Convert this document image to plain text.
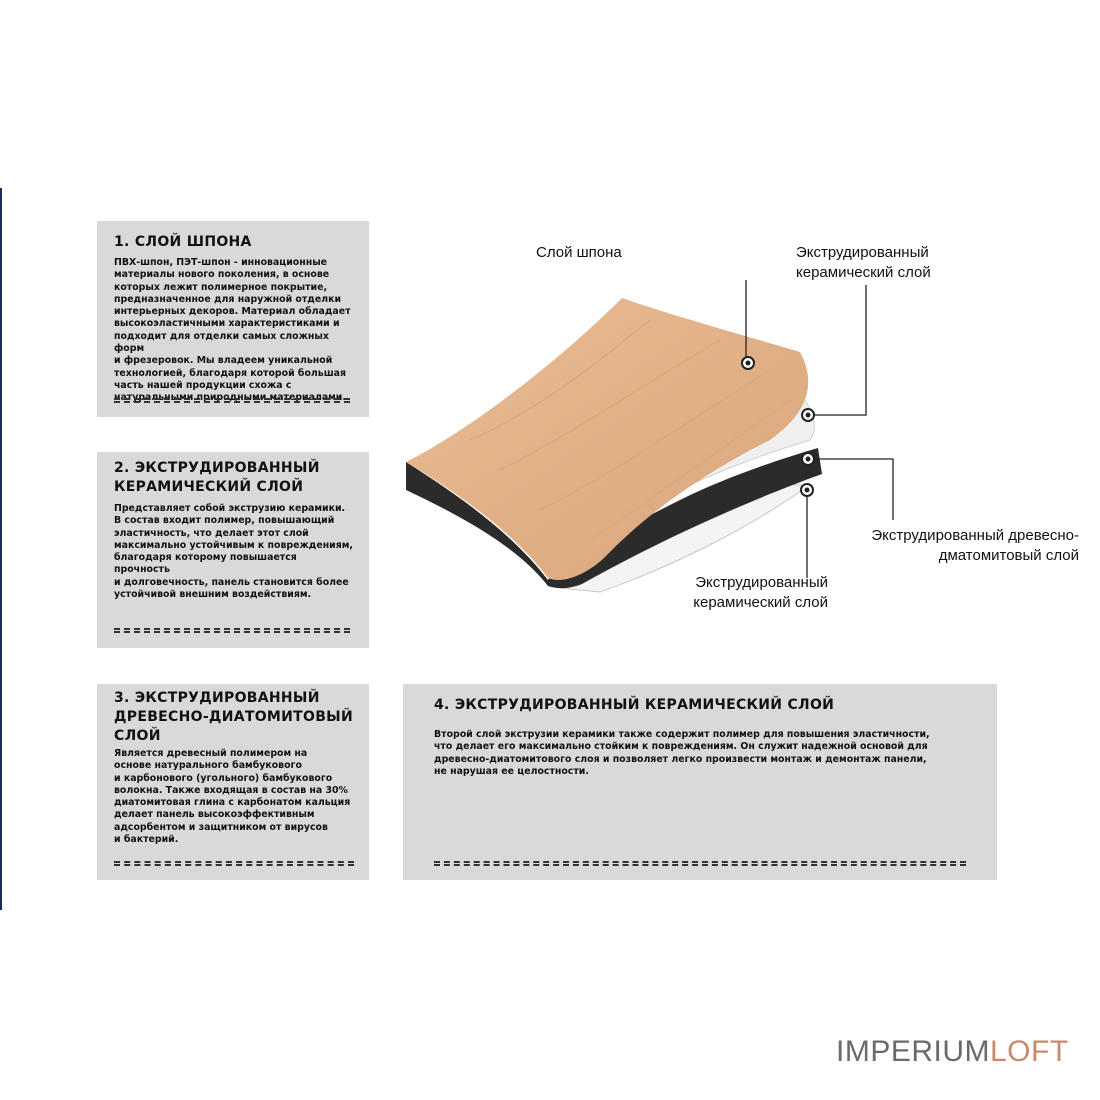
1. СЛОЙ ШПОНА

ПВХ-шпон, ПЭТ-шпон - инновационные
материалы нового поколения, в основе
которых лежит полимерное покрытие,
предназначенное для наружной отделки
интерьерных декоров. Материал обладает
высокоэластичными характеристиками и
подходит для отделки самых сложных форм
и фрезеровок. Мы владеем уникальной
технологией, благодаря которой большая
часть нашей продукции схожа с
натуральными природными материалами.

2. ЭКСТРУДИРОВАННЫЙ
КЕРАМИЧЕСКИЙ СЛОЙ

Представляет собой экструзию керамики.
В состав входит полимер, повышающий
эластичность, что делает этот слой
максимально устойчивым к повреждениям,
благодаря которому повышается прочность
и долговечность, панель становится более
устойчивой внешним воздействиям.

3. ЭКСТРУДИРОВАННЫЙ
ДРЕВЕСНО-ДИАТОМИТОВЫЙ
СЛОЙ

Является древесный полимером на
основе натурального бамбукового
и карбонового (угольного) бамбукового
волокна. Также входящая в состав на 30%
диатомитовая глина с карбонатом кальция
делает панель высокоэффективным
адсорбентом и защитником от вирусов
и бактерий.

4. ЭКСТРУДИРОВАННЫЙ КЕРАМИЧЕСКИЙ СЛОЙ

Второй слой экструзии керамики также содержит полимер для повышения эластичности,
что делает его максимально стойким к повреждениям. Он служит надежной основой для
древесно-диатомитового слоя и позволяет легко произвести монтаж и демонтаж панели,
не нарушая ее целостности.

Слой шпона	Экструдированный
керамический слой
Экструдированный древесно-
дматомитовый слой
Экструдированный
керамический слой
IMPERIUMLOFT
